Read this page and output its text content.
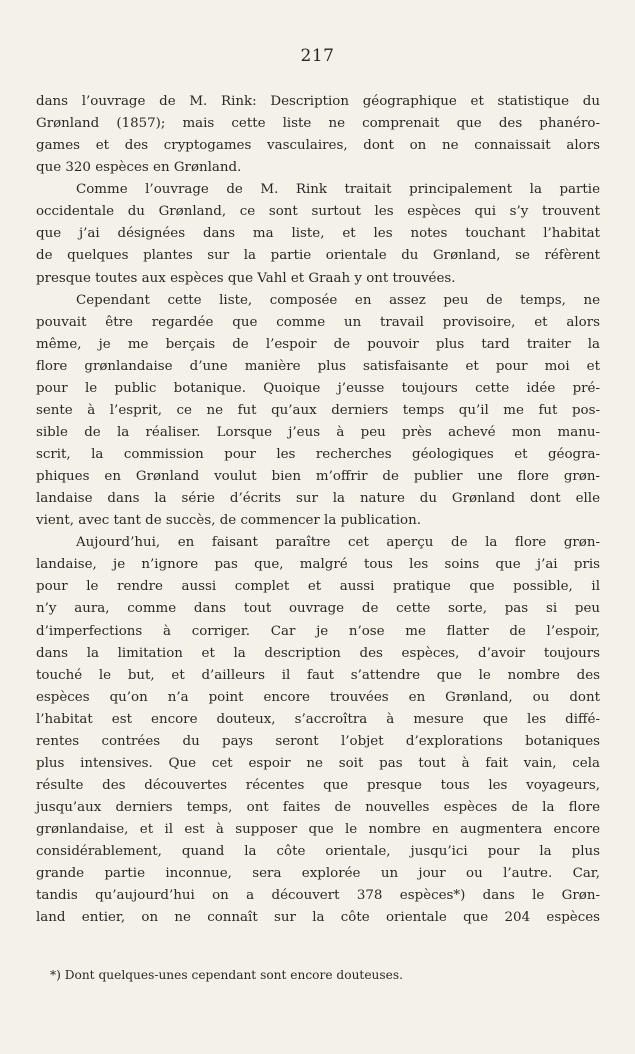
217
dans l’ouvrage de M. Rink: Description géographique et statistique du
Grønland (1857); mais cette liste ne comprenait que des phanéro-
games et des cryptogames vasculaires, dont on ne connaissait alors
que 320 espèces en Grønland.
Comme l’ouvrage de M. Rink traitait principalement la partie
occidentale du Grønland, ce sont surtout les espèces qui s’y trouvent
que j’ai désignées dans ma liste, et les notes touchant l’habitat
de quelques plantes sur la partie orientale du Grønland, se réfèrent
presque toutes aux espèces que Vahl et Graah y ont trouvées.
Cependant cette liste, composée en assez peu de temps, ne
pouvait être regardée que comme un travail provisoire, et alors
même, je me berçais de l’espoir de pouvoir plus tard traiter la
flore grønlandaise d’une manière plus satisfaisante et pour moi et
pour le public botanique. Quoique j’eusse toujours cette idée pré-
sente à l’esprit, ce ne fut qu’aux derniers temps qu’il me fut pos-
sible de la réaliser. Lorsque j’eus à peu près achevé mon manu-
scrit, la commission pour les recherches géologiques et géogra-
phiques en Grønland voulut bien m’offrir de publier une flore grøn-
landaise dans la série d’écrits sur la nature du Grønland dont elle
vient, avec tant de succès, de commencer la publication.
Aujourd’hui, en faisant paraître cet aperçu de la flore grøn-
landaise, je n’ignore pas que, malgré tous les soins que j’ai pris
pour le rendre aussi complet et aussi pratique que possible, il
n’y aura, comme dans tout ouvrage de cette sorte, pas si peu
d’imperfections à corriger. Car je n’ose me flatter de l’espoir,
dans la limitation et la description des espèces, d’avoir toujours
touché le but, et d’ailleurs il faut s’attendre que le nombre des
espèces qu’on n’a point encore trouvées en Grønland, ou dont
l’habitat est encore douteux, s’accroîtra à mesure que les diffé-
rentes contrées du pays seront l’objet d’explorations botaniques
plus intensives. Que cet espoir ne soit pas tout à fait vain, cela
résulte des découvertes récentes que presque tous les voyageurs,
jusqu’aux derniers temps, ont faites de nouvelles espèces de la flore
grønlandaise, et il est à supposer que le nombre en augmentera encore
considérablement, quand la côte orientale, jusqu’ici pour la plus
grande partie inconnue, sera explorée un jour ou l’autre. Car,
tandis qu’aujourd’hui on a découvert 378 espèces*) dans le Grøn-
land entier, on ne connaît sur la côte orientale que 204 espèces
*) Dont quelques-unes cependant sont encore douteuses.
